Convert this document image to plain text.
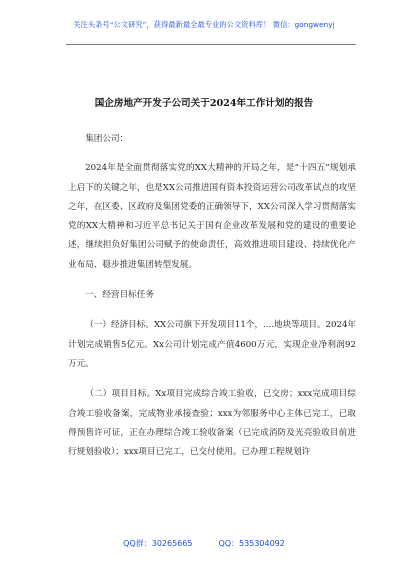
关注头条号“公文研究”，获得最新最全最专业的公文资料库！ 微信：gongwenyj
国企房地产开发子公司关于2024年工作计划的报告

集团公司：

2024年是全面贯彻落实党的XX大精神的开局之年，是“十四五”规划承上启下的关键之年，也是XX公司推进国有资本投资运营公司改革试点的攻坚之年，在区委、区政府及集团党委的正确领导下，XX公司深入学习贯彻落实党的XX大精神和习近平总书记关于国有企业改革发展和党的建设的重要论述，继续担负好集团公司赋予的使命责任，高效推进项目建设、持续优化产业布局、稳步推进集团转型发展。

一、经营目标任务

（一）经济目标。XX公司旗下开发项目11个，....地块等项目。2024年计划完成销售5亿元。Xx公司计划完成产值4600万元，实现企业净利润92万元。

（二）项目目标。Xx项目完成综合竣工验收，已交房；xxx完成项目综合竣工验收备案，完成物业承接查验；xxx为邻服务中心主体已完工，已取得预售许可证，正在办理综合竣工验收备案（已完成消防及光亮验收目前进行规划验收）；xxx项目已完工，已交付使用。已办理工程规划许

QQ群：30265665	QQ：535304092
